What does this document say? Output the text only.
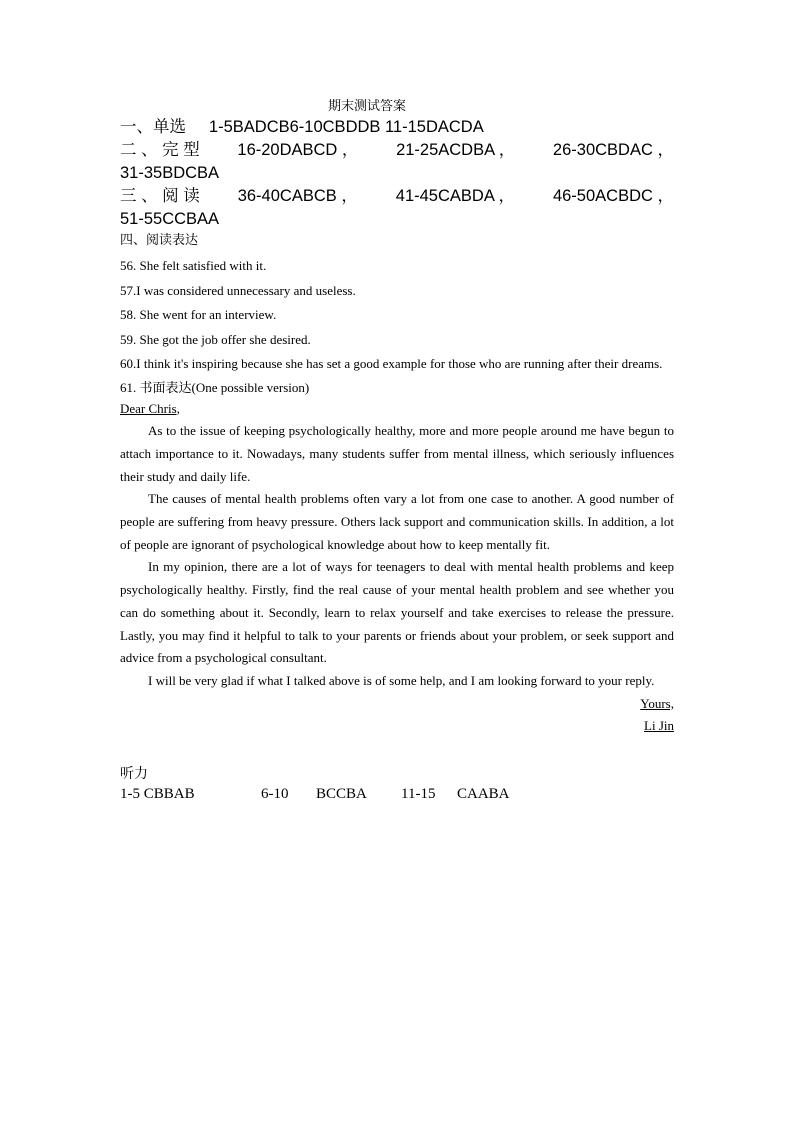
期末测试答案
一、单选 1-5BADCB6-10CBDDB 11-15DACDA
二 、 完 型 16-20DABCD ， 21-25ACDBA ， 26-30CBDAC ，
31-35BDCBA
三 、 阅 读 36-40CABCB ， 41-45CABDA ， 46-50ACBDC ，
51-55CCBAA
四、阅读表达
56. She felt satisfied with it.
57.I was considered unnecessary and useless.
58. She went for an interview.
59. She got the job offer she desired.
60.I think it's inspiring because she has set a good example for those who are running after their dreams.
61. 书面表达(One possible version)
Dear Chris,

As to the issue of keeping psychologically healthy, more and more people around me have begun to attach importance to it. Nowadays, many students suffer from mental illness, which seriously influences their study and daily life.

The causes of mental health problems often vary a lot from one case to another. A good number of people are suffering from heavy pressure. Others lack support and communication skills. In addition, a lot of people are ignorant of psychological knowledge about how to keep mentally fit.

In my opinion, there are a lot of ways for teenagers to deal with mental health problems and keep psychologically healthy. Firstly, find the real cause of your mental health problem and see whether you can do something about it. Secondly, learn to relax yourself and take exercises to release the pressure. Lastly, you may find it helpful to talk to your parents or friends about your problem, or seek support and advice from a psychological consultant.

I will be very glad if what I talked above is of some help, and I am looking forward to your reply.

Yours,
Li Jin
听力
1-5 CBBAB	6-10	BCCBA	11-15	CAABA
